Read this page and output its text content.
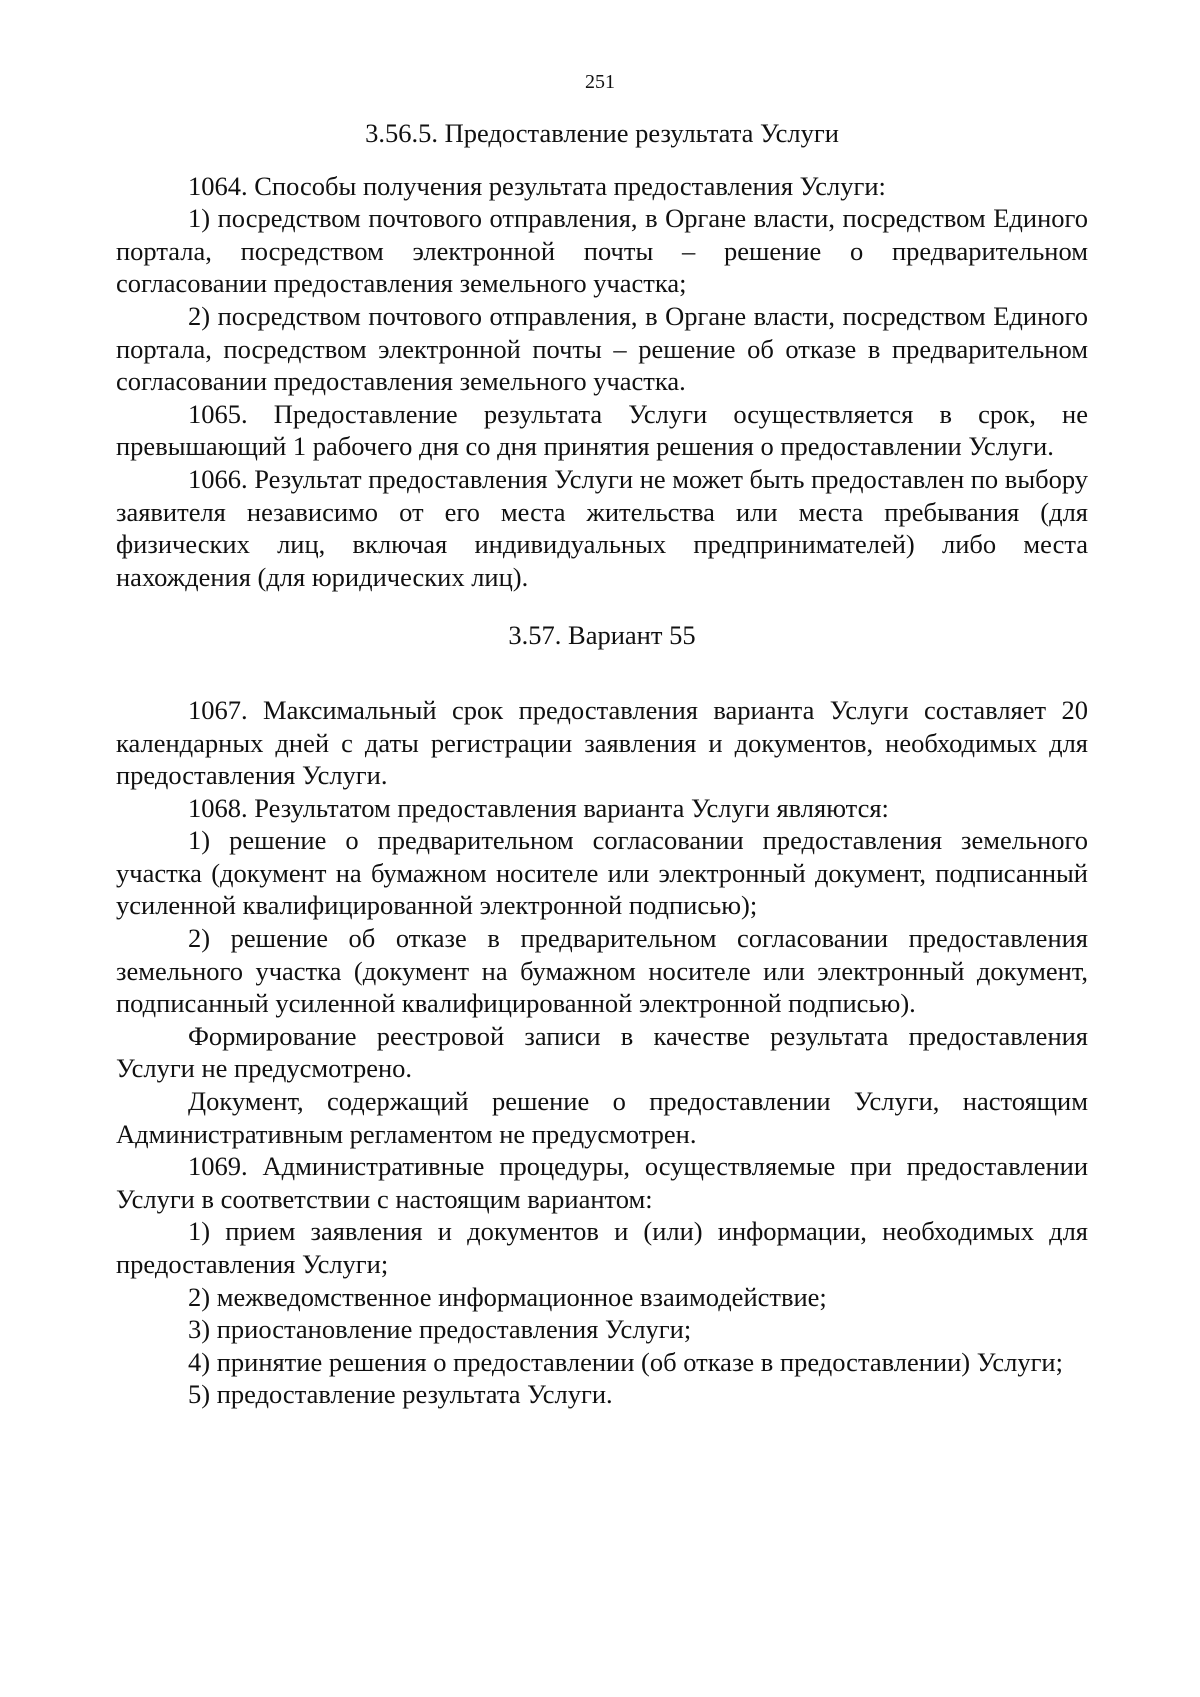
251
3.56.5. Предоставление результата Услуги

1064. Способы получения результата предоставления Услуги:

1) посредством почтового отправления, в Органе власти, посредством Единого портала, посредством электронной почты – решение о предварительном согласовании предоставления земельного участка;

2) посредством почтового отправления, в Органе власти, посредством Единого портала, посредством электронной почты – решение об отказе в предварительном согласовании предоставления земельного участка.

1065. Предоставление результата Услуги осуществляется в срок, не превышающий 1 рабочего дня со дня принятия решения о предоставлении Услуги.

1066. Результат предоставления Услуги не может быть предоставлен по выбору заявителя независимо от его места жительства или места пребывания (для физических лиц, включая индивидуальных предпринимателей) либо места нахождения (для юридических лиц).

3.57. Вариант 55

1067. Максимальный срок предоставления варианта Услуги составляет 20 календарных дней с даты регистрации заявления и документов, необходимых для предоставления Услуги.

1068. Результатом предоставления варианта Услуги являются:

1) решение о предварительном согласовании предоставления земельного участка (документ на бумажном носителе или электронный документ, подписанный усиленной квалифицированной электронной подписью);

2) решение об отказе в предварительном согласовании предоставления земельного участка (документ на бумажном носителе или электронный документ, подписанный усиленной квалифицированной электронной подписью).

Формирование реестровой записи в качестве результата предоставления Услуги не предусмотрено.

Документ, содержащий решение о предоставлении Услуги, настоящим Административным регламентом не предусмотрен.

1069. Административные процедуры, осуществляемые при предоставлении Услуги в соответствии с настоящим вариантом:

1) прием заявления и документов и (или) информации, необходимых для предоставления Услуги;

2) межведомственное информационное взаимодействие;

3) приостановление предоставления Услуги;

4) принятие решения о предоставлении (об отказе в предоставлении) Услуги;

5) предоставление результата Услуги.
